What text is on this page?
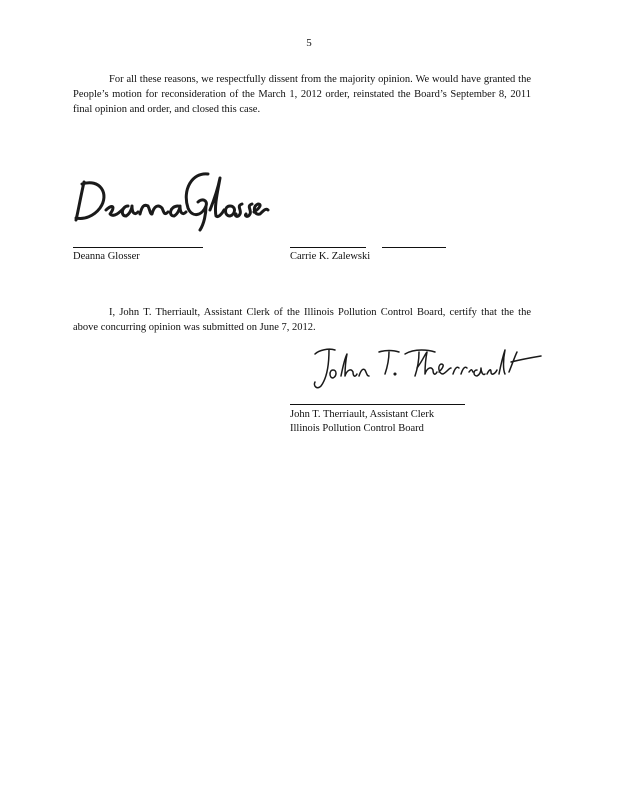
5

For all these reasons, we respectfully dissent from the majority opinion. We would have granted the People’s motion for reconsideration of the March 1, 2012 order, reinstated the Board’s September 8, 2011 final opinion and order, and closed this case.

Deanna Glosser	Carrie K. Zalewski

I, John T. Therriault, Assistant Clerk of the Illinois Pollution Control Board, certify that the the above concurring opinion was submitted on June 7, 2012.

John T. Therriault, Assistant Clerk
Illinois Pollution Control Board
